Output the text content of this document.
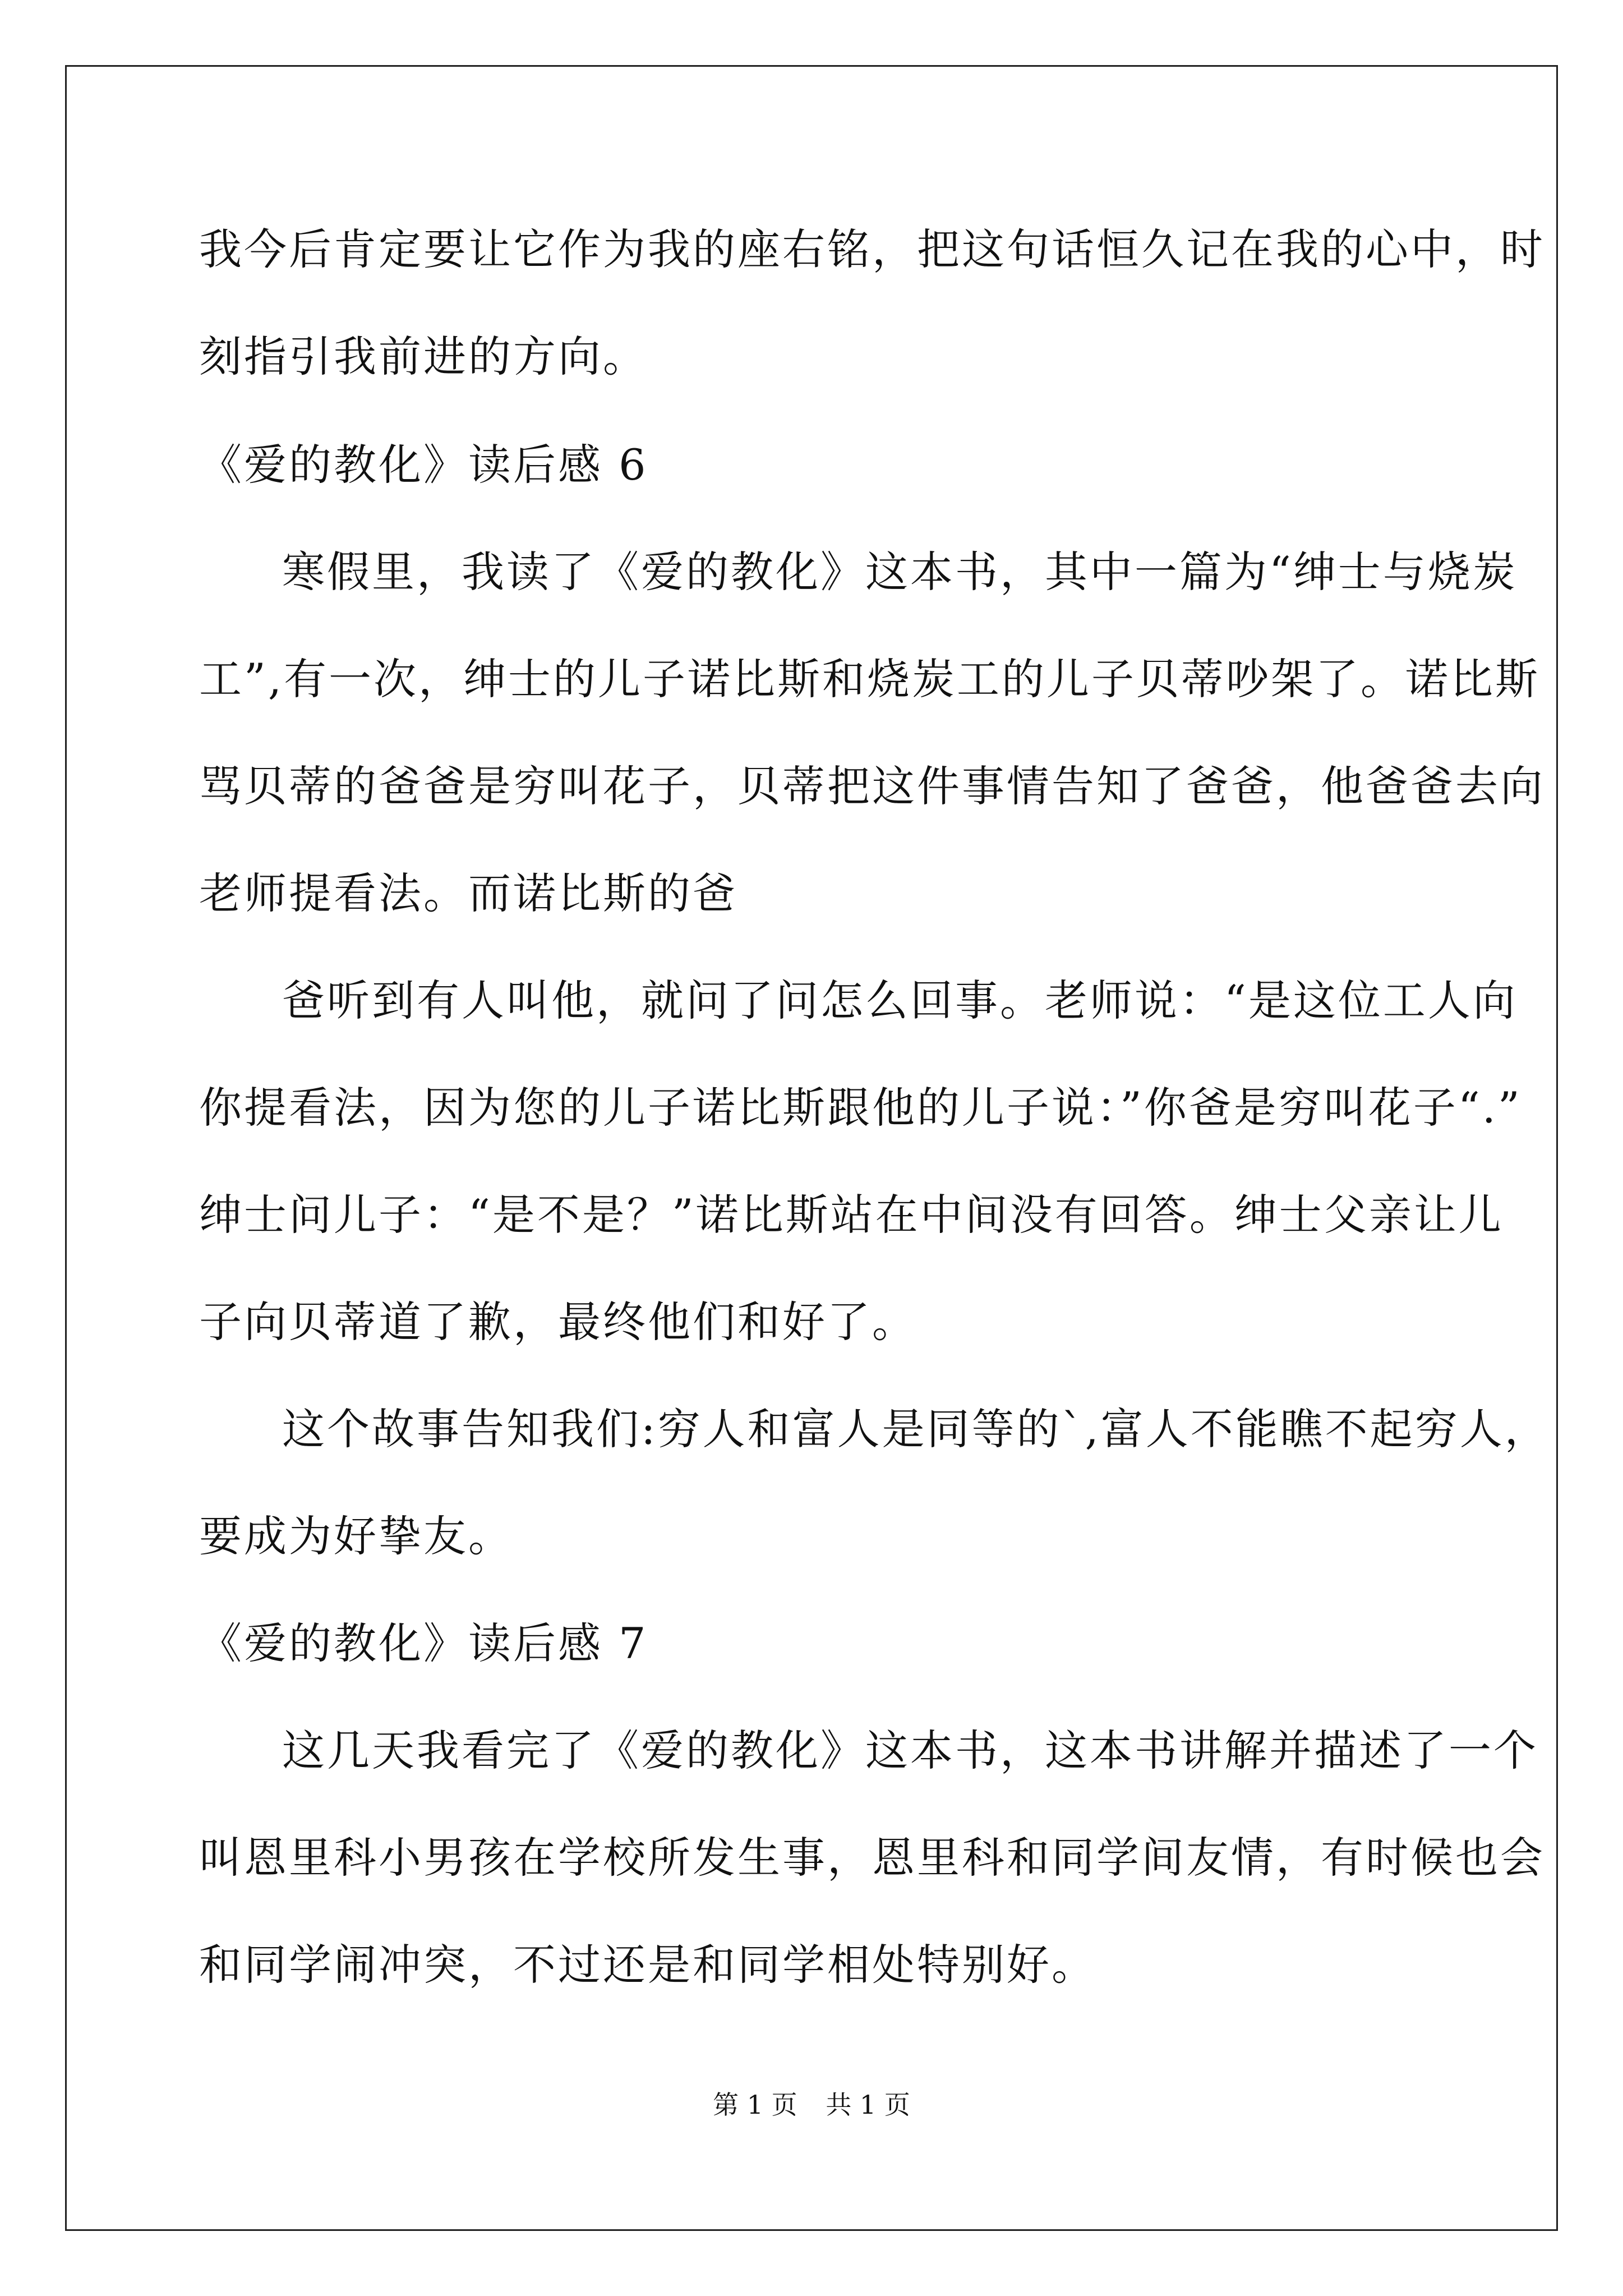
我今后肯定要让它作为我的座右铭，把这句话恒久记在我的心中，时
刻指引我前进的方向。
《爱的教化》读后感 6
寒假里，我读了《爱的教化》这本书，其中一篇为“绅士与烧炭
工”,有一次，绅士的儿子诺比斯和烧炭工的儿子贝蒂吵架了。诺比斯
骂贝蒂的爸爸是穷叫花子，贝蒂把这件事情告知了爸爸，他爸爸去向
老师提看法。而诺比斯的爸
爸听到有人叫他，就问了问怎么回事。老师说：“是这位工人向
你提看法，因为您的儿子诺比斯跟他的儿子说：”你爸是穷叫花子“.”
绅士问儿子：“是不是？”诺比斯站在中间没有回答。绅士父亲让儿
子向贝蒂道了歉，最终他们和好了。
这个故事告知我们:穷人和富人是同等的`,富人不能瞧不起穷人，
要成为好挚友。
《爱的教化》读后感 7
这几天我看完了《爱的教化》这本书，这本书讲解并描述了一个
叫恩里科小男孩在学校所发生事，恩里科和同学间友情，有时候也会
和同学闹冲突，不过还是和同学相处特别好。
第 1 页 共 1 页
